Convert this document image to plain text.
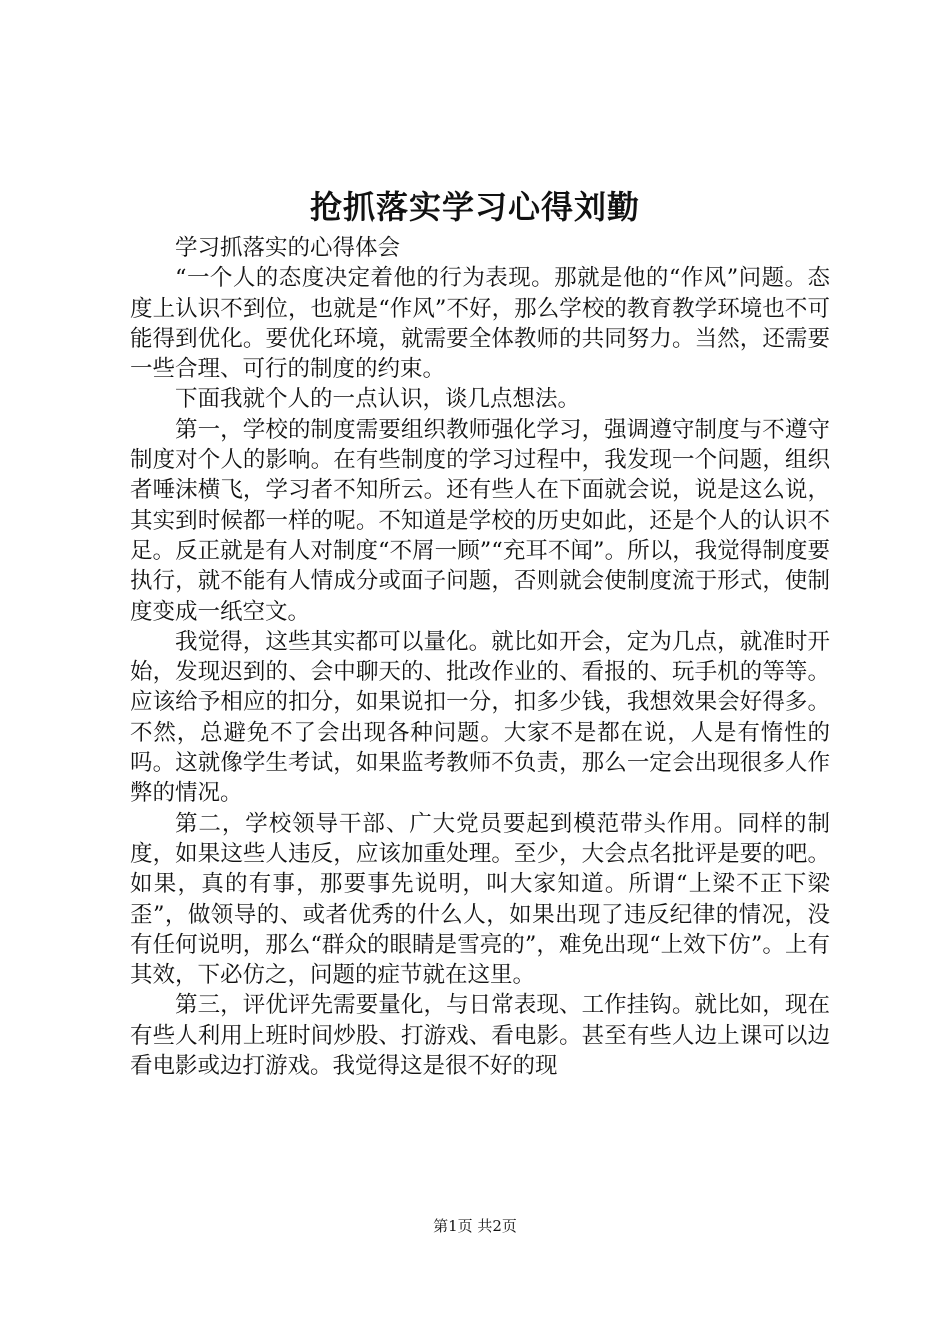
抢抓落实学习心得刘勤

学习抓落实的心得体会

“一个人的态度决定着他的行为表现。那就是他的“作风”问题。态度上认识不到位，也就是“作风”不好，那么学校的教育教学环境也不可能得到优化。要优化环境，就需要全体教师的共同努力。当然，还需要一些合理、可行的制度的约束。

下面我就个人的一点认识，谈几点想法。

第一，学校的制度需要组织教师强化学习，强调遵守制度与不遵守制度对个人的影响。在有些制度的学习过程中，我发现一个问题，组织者唾沫横飞，学习者不知所云。还有些人在下面就会说，说是这么说，其实到时候都一样的呢。不知道是学校的历史如此，还是个人的认识不足。反正就是有人对制度“不屑一顾”“充耳不闻”。所以，我觉得制度要执行，就不能有人情成分或面子问题，否则就会使制度流于形式，使制度变成一纸空文。

我觉得，这些其实都可以量化。就比如开会，定为几点，就准时开始，发现迟到的、会中聊天的、批改作业的、看报的、玩手机的等等。应该给予相应的扣分，如果说扣一分，扣多少钱，我想效果会好得多。不然，总避免不了会出现各种问题。大家不是都在说，人是有惰性的吗。这就像学生考试，如果监考教师不负责，那么一定会出现很多人作弊的情况。

第二，学校领导干部、广大党员要起到模范带头作用。同样的制度，如果这些人违反，应该加重处理。至少，大会点名批评是要的吧。如果，真的有事，那要事先说明，叫大家知道。所谓“上梁不正下梁歪”，做领导的、或者优秀的什么人，如果出现了违反纪律的情况，没有任何说明，那么“群众的眼睛是雪亮的”，难免出现“上效下仿”。上有其效，下必仿之，问题的症节就在这里。

第三，评优评先需要量化，与日常表现、工作挂钩。就比如，现在有些人利用上班时间炒股、打游戏、看电影。甚至有些人边上课可以边看电影或边打游戏。我觉得这是很不好的现

第1页 共2页
